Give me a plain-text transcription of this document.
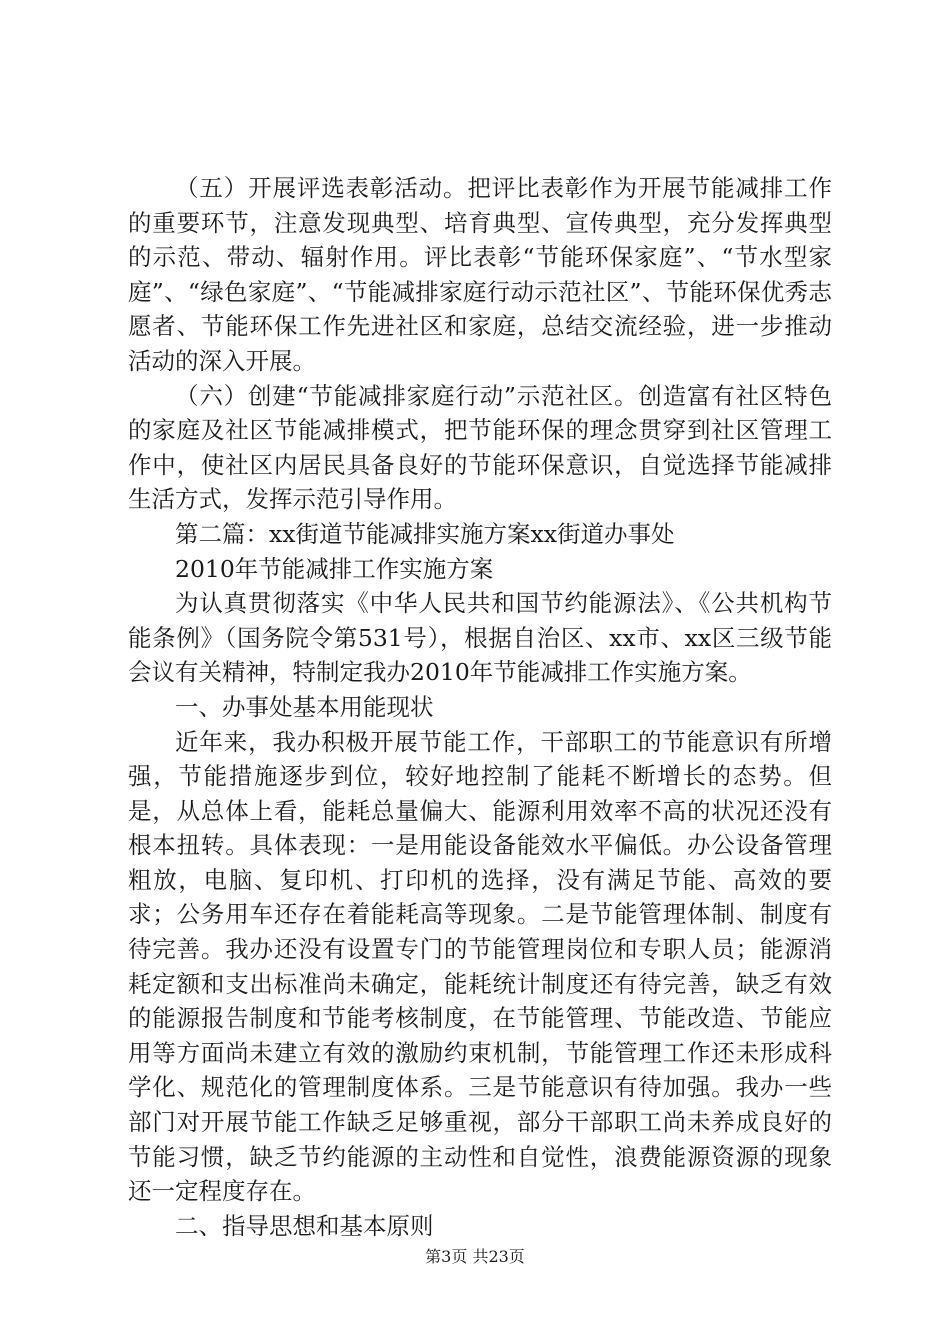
（五）开展评选表彰活动。把评比表彰作为开展节能减排工作的重要环节，注意发现典型、培育典型、宣传典型，充分发挥典型的示范、带动、辐射作用。评比表彰“节能环保家庭”、“节水型家庭”、“绿色家庭”、“节能减排家庭行动示范社区”、节能环保优秀志愿者、节能环保工作先进社区和家庭，总结交流经验，进一步推动活动的深入开展。

（六）创建“节能减排家庭行动”示范社区。创造富有社区特色的家庭及社区节能减排模式，把节能环保的理念贯穿到社区管理工作中，使社区内居民具备良好的节能环保意识，自觉选择节能减排生活方式，发挥示范引导作用。

第二篇：xx街道节能减排实施方案xx街道办事处

2010年节能减排工作实施方案

为认真贯彻落实《中华人民共和国节约能源法》、《公共机构节能条例》（国务院令第531号），根据自治区、xx市、xx区三级节能会议有关精神，特制定我办2010年节能减排工作实施方案。

一、办事处基本用能现状

近年来，我办积极开展节能工作，干部职工的节能意识有所增强，节能措施逐步到位，较好地控制了能耗不断增长的态势。但是，从总体上看，能耗总量偏大、能源利用效率不高的状况还没有根本扭转。具体表现：一是用能设备能效水平偏低。办公设备管理粗放，电脑、复印机、打印机的选择，没有满足节能、高效的要求；公务用车还存在着能耗高等现象。二是节能管理体制、制度有待完善。我办还没有设置专门的节能管理岗位和专职人员；能源消耗定额和支出标准尚未确定，能耗统计制度还有待完善，缺乏有效的能源报告制度和节能考核制度，在节能管理、节能改造、节能应用等方面尚未建立有效的激励约束机制，节能管理工作还未形成科学化、规范化的管理制度体系。三是节能意识有待加强。我办一些部门对开展节能工作缺乏足够重视，部分干部职工尚未养成良好的节能习惯，缺乏节约能源的主动性和自觉性，浪费能源资源的现象还一定程度存在。

二、指导思想和基本原则

第3页 共23页
